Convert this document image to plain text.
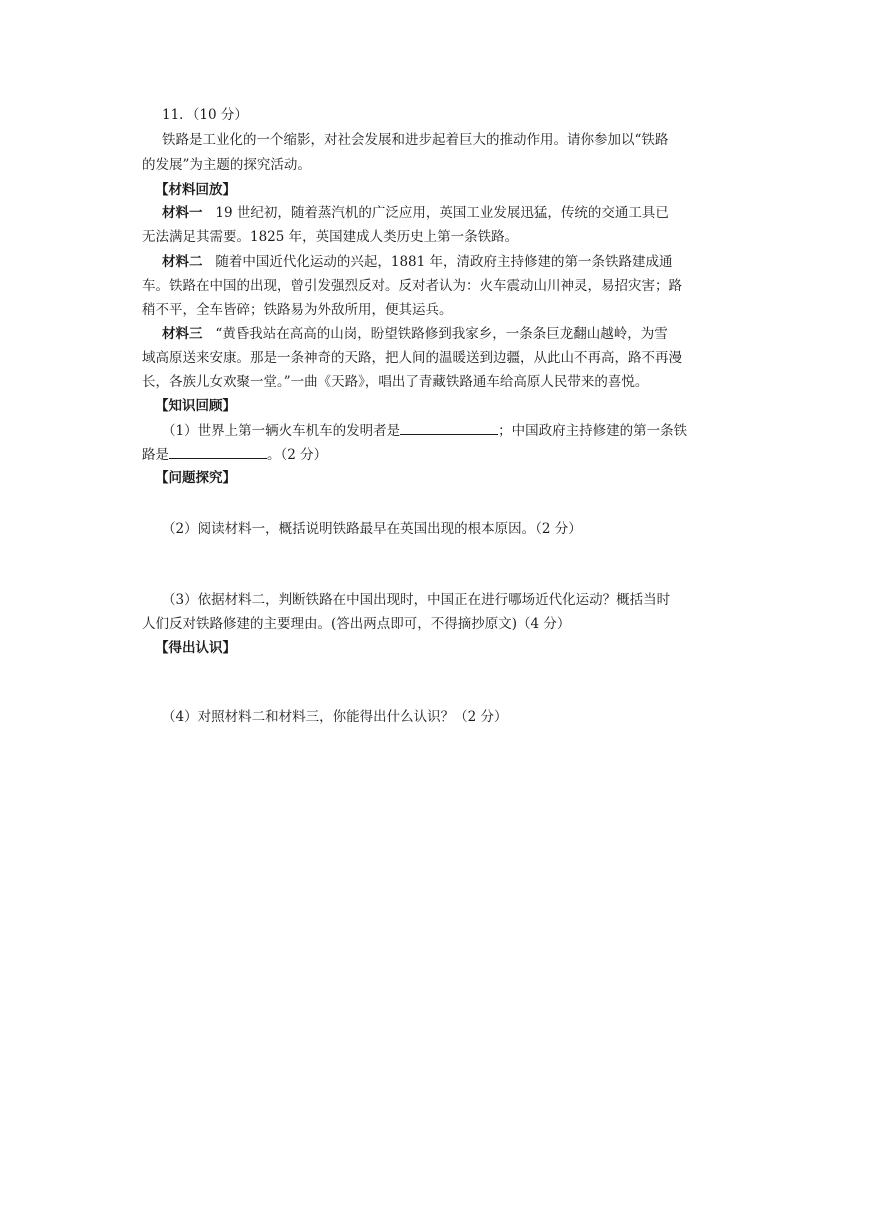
11．（10 分）
铁路是工业化的一个缩影，对社会发展和进步起着巨大的推动作用。请你参加以“铁路
的发展”为主题的探究活动。
【材料回放】
材料一 19 世纪初，随着蒸汽机的广泛应用，英国工业发展迅猛，传统的交通工具已
无法满足其需要。1825 年，英国建成人类历史上第一条铁路。
材料二 随着中国近代化运动的兴起，1881 年，清政府主持修建的第一条铁路建成通
车。铁路在中国的出现，曾引发强烈反对。反对者认为：火车震动山川神灵，易招灾害；路
稍不平，全车皆碎；铁路易为外敌所用，便其运兵。
材料三 “黄昏我站在高高的山岗，盼望铁路修到我家乡，一条条巨龙翻山越岭，为雪
域高原送来安康。那是一条神奇的天路，把人间的温暖送到边疆，从此山不再高，路不再漫
长，各族儿女欢聚一堂。”一曲《天路》，唱出了青藏铁路通车给高原人民带来的喜悦。
【知识回顾】
（1）世界上第一辆火车机车的发明者是	；中国政府主持修建的第一条铁
路是	。（2 分）
【问题探究】
（2）阅读材料一，概括说明铁路最早在英国出现的根本原因。（2 分）
（3）依据材料二，判断铁路在中国出现时，中国正在进行哪场近代化运动？概括当时
人们反对铁路修建的主要理由。(答出两点即可，不得摘抄原文)（4 分）
【得出认识】
（4）对照材料二和材料三，你能得出什么认识？（2 分）
